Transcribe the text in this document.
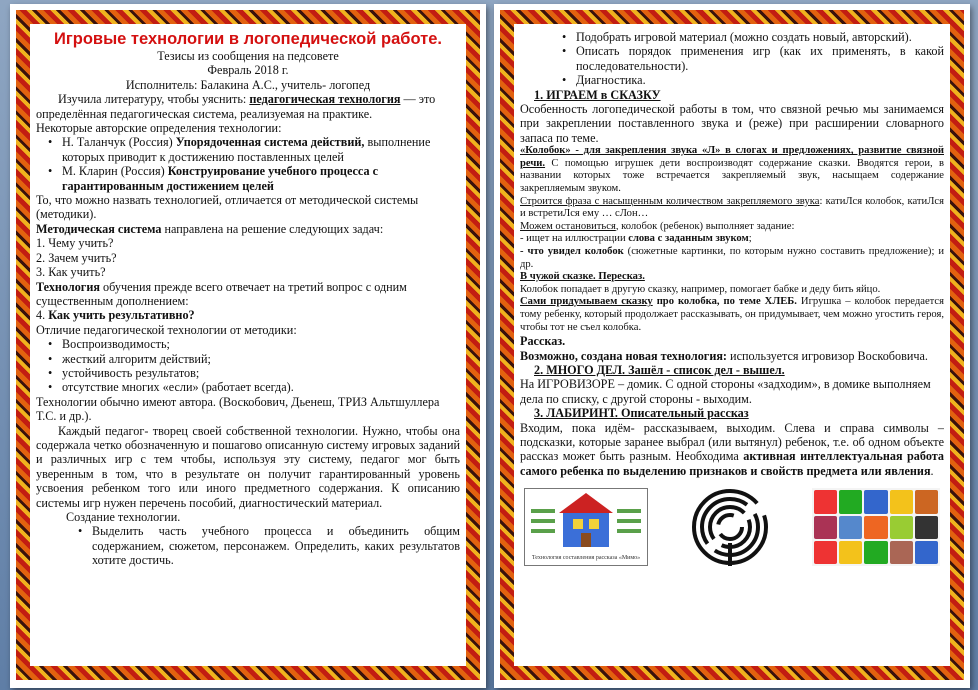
Игровые технологии в логопедической работе.
Тезисы из сообщения на педсовете
Февраль 2018 г.
Исполнитель: Балакина А.С., учитель- логопед
Изучила литературу, чтобы уяснить: педагогическая технология — это определённая педагогическая система, реализуемая на практике.
Некоторые авторские определения технологии:
• Н. Таланчук (Россия) Упорядоченная система действий, выполнение которых приводит к достижению поставленных целей
• М. Кларин (Россия) Конструирование учебного процесса с гарантированным достижением целей
То, что можно назвать технологией, отличается от методической системы (методики).
Методическая система направлена на решение следующих задач:
1. Чему учить?
2. Зачем учить?
3. Как учить?
Технология обучения прежде всего отвечает на третий вопрос с одним существенным дополнением:
4. Как учить результативно?
Отличие педагогической технологии от методики:
• Воспроизводимость;
• жесткий алгоритм действий;
• устойчивость результатов;
• отсутствие многих «если» (работает всегда).
Технологии обычно имеют автора. (Воскобович, Дьенеш, ТРИЗ Альтшуллера Т.С. и др.).
Каждый педагог- творец своей собственной технологии. Нужно, чтобы она содержала четко обозначенную и пошагово описанную систему игровых заданий и различных игр с тем чтобы, используя эту систему, педагог мог быть уверенным в том, что в результате он получит гарантированный уровень усвоения ребенком того или иного предметного содержания. К описанию системы игр нужен перечень пособий, диагностический материал.
Создание технологии.
• Выделить часть учебного процесса и объединить общим содержанием, сюжетом, персонажем. Определить, каких результатов хотите достичь.
• Подобрать игровой материал (можно создать новый, авторский).
• Описать порядок применения игр (как их применять, в какой последовательности).
• Диагностика.
1. ИГРАЕМ в СКАЗКУ
Особенность логопедической работы в том, что связной речью мы занимаемся при закреплении поставленного звука и (реже) при расширении словарного запаса по теме.
«Колобок» - для закрепления звука «Л» в слогах и предложениях, развитие связной речи. С помощью игрушек дети воспроизводят содержание сказки. Вводятся герои, в названии которых тоже встречается закрепляемый звук, насыщаем содержание закрепляемым звуком.
Строится фраза с насыщенным количеством закрепляемого звука: катиЛся колобок, катиЛся и встретиЛся ему … сЛон…
Можем остановиться, колобок (ребенок) выполняет задание:
- ищет на иллюстрации слова с заданным звуком;
- что увидел колобок (сюжетные картинки, по которым нужно составить предложение); и др.
В чужой сказке. Пересказ.
Колобок попадает в другую сказку, например, помогает бабке и деду бить яйцо.
Сами придумываем сказку про колобка, по теме ХЛЕБ. Игрушка – колобок передается тому ребенку, который продолжает рассказывать, он придумывает, чем можно угостить героя, чтобы тот не съел колобка.
Рассказ.
Возможно, создана новая технология: используется игровизор Воскобовича.
2. МНОГО ДЕЛ. Зашёл - список дел - вышел.
На ИГРОВИЗОРЕ – домик. С одной стороны «задходим», в домике выполняем дела по списку, с другой стороны - выходим.
3. ЛАБИРИНТ. Описательный рассказ
Входим, пока идём- рассказываем, выходим. Слева и справа символы – подсказки, которые заранее выбрал (или вытянул) ребенок, т.е. об одном объекте рассказ может быть разным. Необходима активная интеллектуальная работа самого ребенка по выделению признаков и свойств предмета или явления.
Технология составления рассказа «Мимо»
